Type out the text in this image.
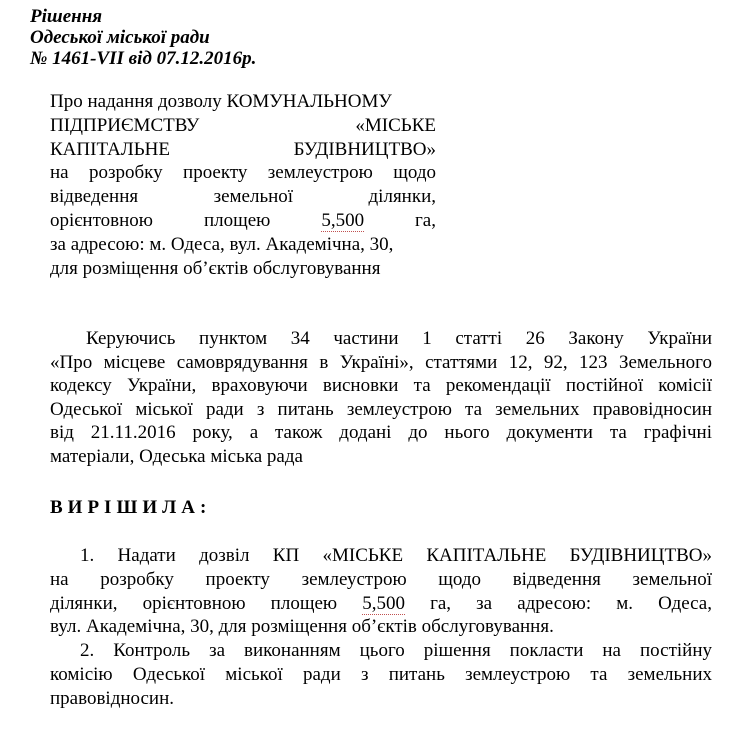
Рішення
Одеської міської ради
№ 1461-VII від 07.12.2016р.
Про надання дозволу КОМУНАЛЬНОМУ
ПІДПРИЄМСТВУ «МІСЬКЕ
КАПІТАЛЬНЕ БУДІВНИЦТВО»
на розробку проекту землеустрою щодо
відведення земельної ділянки,
орієнтовною площею	5,500	га,
за адресою: м. Одеса, вул. Академічна, 30,
для розміщення об’єктів обслуговування
Керуючись пунктом 34 частини 1 статті 26 Закону України
«Про місцеве самоврядування в Україні», статтями 12, 92, 123 Земельного
кодексу України, враховуючи висновки та рекомендації постійної комісії
Одеської міської ради з питань землеустрою та земельних правовідносин
від 21.11.2016 року, а також додані до нього документи та графічні
матеріали, Одеська міська рада
ВИРІШИЛА:
1. Надати дозвіл КП «МІСЬКЕ КАПІТАЛЬНЕ БУДІВНИЦТВО»
на розробку проекту землеустрою щодо відведення земельної
ділянки, орієнтовною площею 5,500 га, за адресою: м. Одеса,
вул. Академічна, 30, для розміщення об’єктів обслуговування.
2. Контроль за виконанням цього рішення покласти на постійну
комісію Одеської міської ради з питань землеустрою та земельних
правовідносин.
